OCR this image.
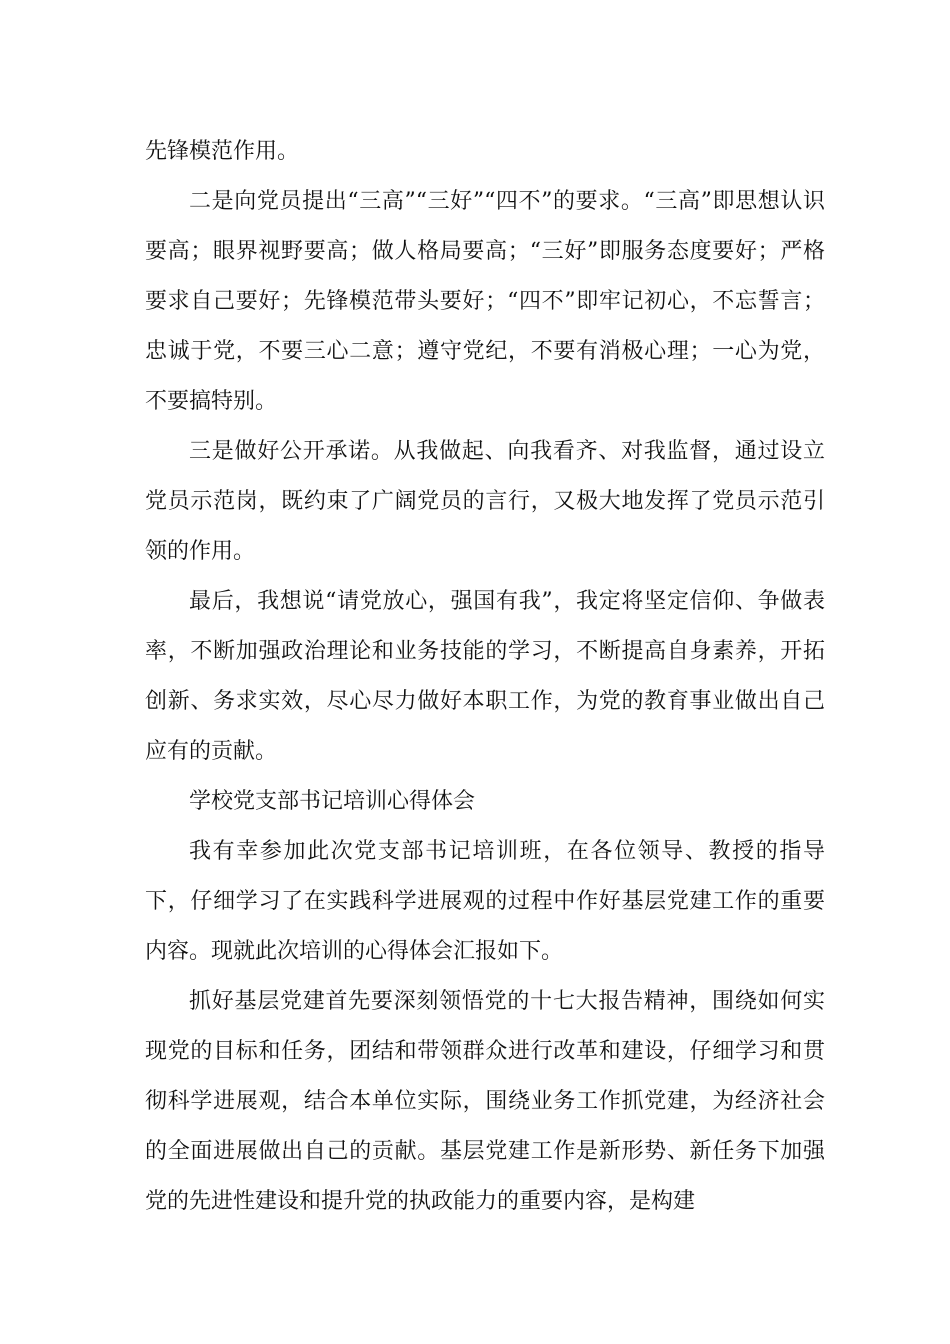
先锋模范作用。

二是向党员提出“三高”“三好”“四不”的要求。“三高”即思想认识要高；眼界视野要高；做人格局要高；“三好”即服务态度要好；严格要求自己要好；先锋模范带头要好；“四不”即牢记初心，不忘誓言；忠诚于党，不要三心二意；遵守党纪，不要有消极心理；一心为党，不要搞特别。

三是做好公开承诺。从我做起、向我看齐、对我监督，通过设立党员示范岗，既约束了广阔党员的言行，又极大地发挥了党员示范引领的作用。

最后，我想说“请党放心，强国有我”，我定将坚定信仰、争做表率，不断加强政治理论和业务技能的学习，不断提高自身素养，开拓创新、务求实效，尽心尽力做好本职工作，为党的教育事业做出自己应有的贡献。

学校党支部书记培训心得体会

我有幸参加此次党支部书记培训班，在各位领导、教授的指导下，仔细学习了在实践科学进展观的过程中作好基层党建工作的重要内容。现就此次培训的心得体会汇报如下。

抓好基层党建首先要深刻领悟党的十七大报告精神，围绕如何实现党的目标和任务，团结和带领群众进行改革和建设，仔细学习和贯彻科学进展观，结合本单位实际，围绕业务工作抓党建，为经济社会的全面进展做出自己的贡献。基层党建工作是新形势、新任务下加强党的先进性建设和提升党的执政能力的重要内容，是构建
